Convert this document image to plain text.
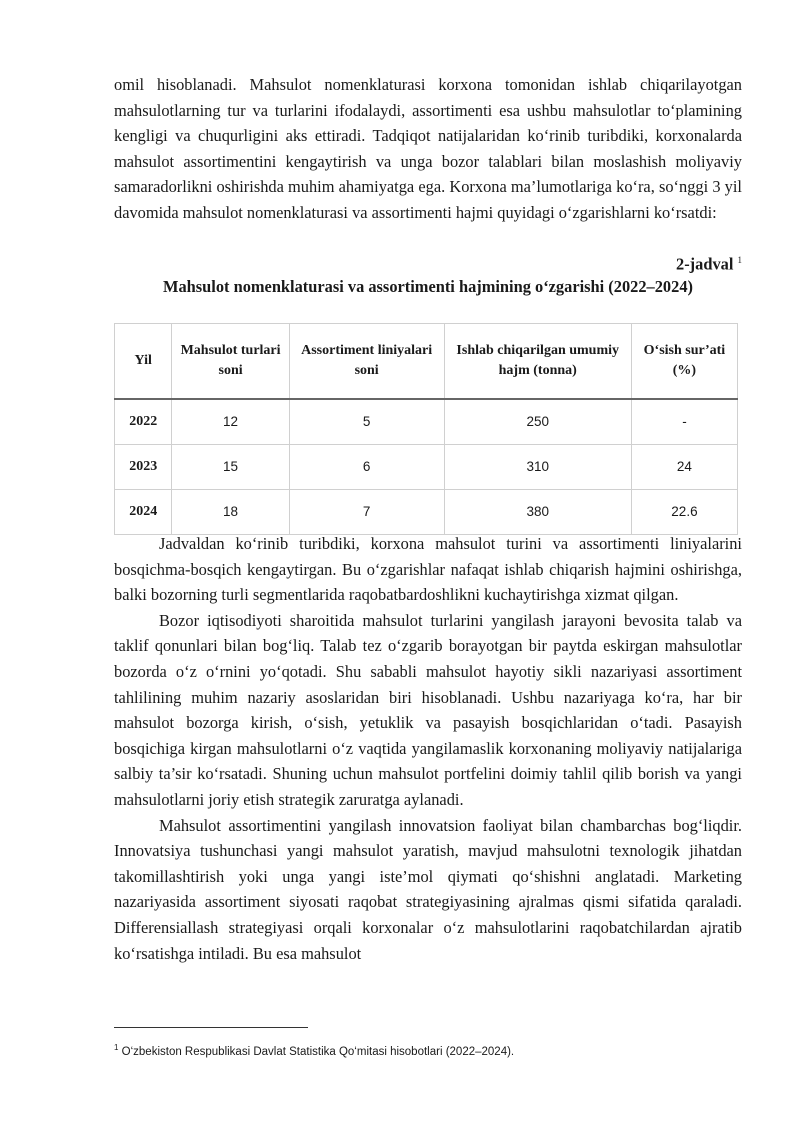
omil hisoblanadi. Mahsulot nomenklaturasi korxona tomonidan ishlab chiqarilayotgan mahsulotlarning tur va turlarini ifodalaydi, assortimenti esa ushbu mahsulotlar to‘plamining kengligi va chuqurligini aks ettiradi. Tadqiqot natijalaridan ko‘rinib turibdiki, korxonalarda mahsulot assortimentini kengaytirish va unga bozor talablari bilan moslashish moliyaviy samaradorlikni oshirishda muhim ahamiyatga ega. Korxona ma’lumotlariga ko‘ra, so‘nggi 3 yil davomida mahsulot nomenklaturasi va assortimenti hajmi quyidagi o‘zgarishlarni ko‘rsatdi:

2-jadval $^1$
Mahsulot nomenklaturasi va assortimenti hajmining o‘zgarishi (2022–2024)
Yil	Mahsulot turlari soni	Assortiment liniyalari soni	Ishlab chiqarilgan umumiy hajm (tonna)	O‘sish sur’ati (%)
2022	12	5	250	-
2023	15	6	310	24
2024	18	7	380	22.6

Jadvaldan ko‘rinib turibdiki, korxona mahsulot turini va assortimenti liniyalarini bosqichma-bosqich kengaytirgan. Bu o‘zgarishlar nafaqat ishlab chiqarish hajmini oshirishga, balki bozorning turli segmentlarida raqobatbardoshlikni kuchaytirishga xizmat qilgan.

Bozor iqtisodiyoti sharoitida mahsulot turlarini yangilash jarayoni bevosita talab va taklif qonunlari bilan bog‘liq. Talab tez o‘zgarib borayotgan bir paytda eskirgan mahsulotlar bozorda o‘z o‘rnini yo‘qotadi. Shu sababli mahsulot hayotiy sikli nazariyasi assortiment tahlilining muhim nazariy asoslaridan biri hisoblanadi. Ushbu nazariyaga ko‘ra, har bir mahsulot bozorga kirish, o‘sish, yetuklik va pasayish bosqichlaridan o‘tadi. Pasayish bosqichiga kirgan mahsulotlarni o‘z vaqtida yangilamaslik korxonaning moliyaviy natijalariga salbiy ta’sir ko‘rsatadi. Shuning uchun mahsulot portfelini doimiy tahlil qilib borish va yangi mahsulotlarni joriy etish strategik zaruratga aylanadi.

Mahsulot assortimentini yangilash innovatsion faoliyat bilan chambarchas bog‘liqdir. Innovatsiya tushunchasi yangi mahsulot yaratish, mavjud mahsulotni texnologik jihatdan takomillashtirish yoki unga yangi iste’mol qiymati qo‘shishni anglatadi. Marketing nazariyasida assortiment siyosati raqobat strategiyasining ajralmas qismi sifatida qaraladi. Differensiallash strategiyasi orqali korxonalar o‘z mahsulotlarini raqobatchilardan ajratib ko‘rsatishga intiladi. Bu esa mahsulot

$^1$ O‘zbekiston Respublikasi Davlat Statistika Qo‘mitasi hisobotlari (2022–2024).
